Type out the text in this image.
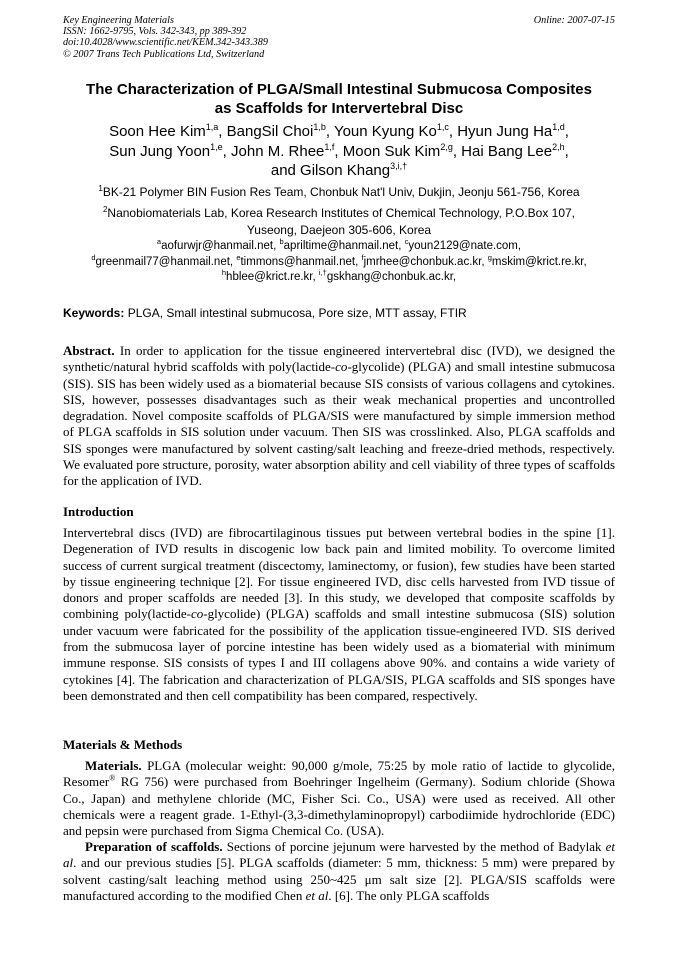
Key Engineering Materials
ISSN: 1662-9795, Vols. 342-343, pp 389-392
doi:10.4028/www.scientific.net/KEM.342-343.389
© 2007 Trans Tech Publications Ltd, Switzerland
Online: 2007-07-15
The Characterization of PLGA/Small Intestinal Submucosa Composites
as Scaffolds for Intervertebral Disc
Soon Hee Kim$^{1,a}$, BangSil Choi$^{1,b}$, Youn Kyung Ko$^{1,c}$, Hyun Jung Ha$^{1,d}$,
Sun Jung Yoon$^{1,e}$, John M. Rhee$^{1,f}$, Moon Suk Kim$^{2,g}$, Hai Bang Lee$^{2,h}$,
and Gilson Khang$^{3,i,\dagger}$
$^1$BK-21 Polymer BIN Fusion Res Team, Chonbuk Nat'l Univ, Dukjin, Jeonju 561-756, Korea
$^2$Nanobiomaterials Lab, Korea Research Institutes of Chemical Technology, P.O.Box 107,
Yuseong, Daejeon 305-606, Korea
$^a$aofurwjr@hanmail.net, $^b$apriltime@hanmail.net, $^c$youn2129@nate.com,
$^d$greenmail77@hanmail.net, $^e$timmons@hanmail.net, $^f$jmrhee@chonbuk.ac.kr, $^g$mskim@krict.re.kr,
$^h$hblee@krict.re.kr, $^{i,\dagger}$gskhang@chonbuk.ac.kr,
Keywords: PLGA, Small intestinal submucosa, Pore size, MTT assay, FTIR
Abstract. In order to application for the tissue engineered intervertebral disc (IVD), we designed the synthetic/natural hybrid scaffolds with poly(lactide-co-glycolide) (PLGA) and small intestine submucosa (SIS). SIS has been widely used as a biomaterial because SIS consists of various collagens and cytokines. SIS, however, possesses disadvantages such as their weak mechanical properties and uncontrolled degradation. Novel composite scaffolds of PLGA/SIS were manufactured by simple immersion method of PLGA scaffolds in SIS solution under vacuum. Then SIS was crosslinked. Also, PLGA scaffolds and SIS sponges were manufactured by solvent casting/salt leaching and freeze-dried methods, respectively. We evaluated pore structure, porosity, water absorption ability and cell viability of three types of scaffolds for the application of IVD.
Introduction
Intervertebral discs (IVD) are fibrocartilaginous tissues put between vertebral bodies in the spine [1]. Degeneration of IVD results in discogenic low back pain and limited mobility. To overcome limited success of current surgical treatment (discectomy, laminectomy, or fusion), few studies have been started by tissue engineering technique [2]. For tissue engineered IVD, disc cells harvested from IVD tissue of donors and proper scaffolds are needed [3]. In this study, we developed that composite scaffolds by combining poly(lactide-co-glycolide) (PLGA) scaffolds and small intestine submucosa (SIS) solution under vacuum were fabricated for the possibility of the application tissue-engineered IVD. SIS derived from the submucosa layer of porcine intestine has been widely used as a biomaterial with minimum immune response. SIS consists of types I and III collagens above 90%. and contains a wide variety of cytokines [4]. The fabrication and characterization of PLGA/SIS, PLGA scaffolds and SIS sponges have been demonstrated and then cell compatibility has been compared, respectively.
Materials & Methods
Materials. PLGA (molecular weight: 90,000 g/mole, 75:25 by mole ratio of lactide to glycolide, Resomer® RG 756) were purchased from Boehringer Ingelheim (Germany). Sodium chloride (Showa Co., Japan) and methylene chloride (MC, Fisher Sci. Co., USA) were used as received. All other chemicals were a reagent grade. 1-Ethyl-(3,3-dimethylaminopropyl) carbodiimide hydrochloride (EDC) and pepsin were purchased from Sigma Chemical Co. (USA).
Preparation of scaffolds. Sections of porcine jejunum were harvested by the method of Badylak et al. and our previous studies [5]. PLGA scaffolds (diameter: 5 mm, thickness: 5 mm) were prepared by solvent casting/salt leaching method using 250~425 μm salt size [2]. PLGA/SIS scaffolds were manufactured according to the modified Chen et al. [6]. The only PLGA scaffolds
